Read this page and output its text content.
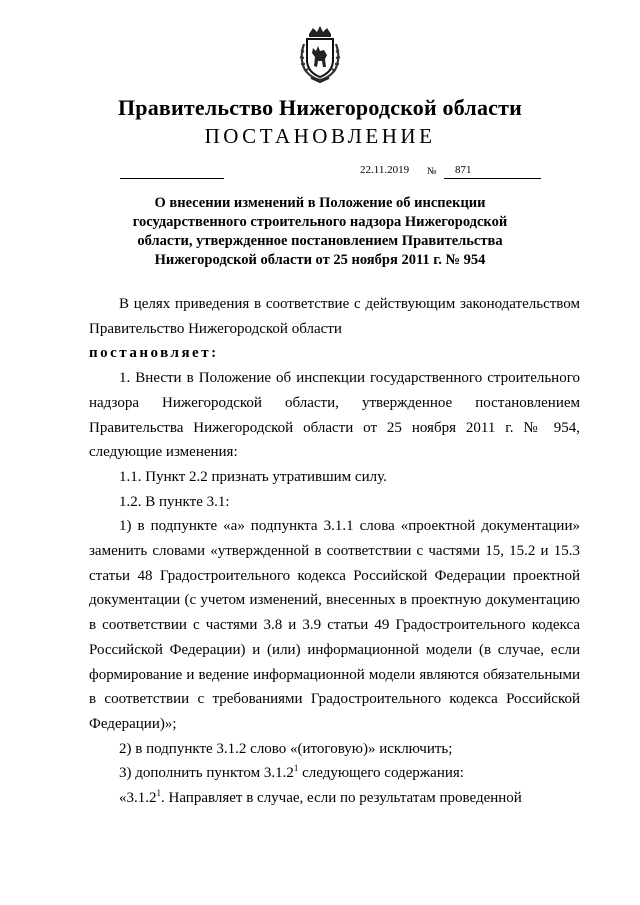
Правительство Нижегородской области
ПОСТАНОВЛЕНИЕ
22.11.2019 № 871
О внесении изменений в Положение об инспекции
государственного строительного надзора Нижегородской
области, утвержденное постановлением Правительства
Нижегородской области от 25 ноября 2011 г. № 954

В целях приведения в соответствие с действующим законодательством Правительство Нижегородской области

постановляет:

1. Внести в Положение об инспекции государственного строительного надзора Нижегородской области, утвержденное постановлением Правительства Нижегородской области от 25 ноября 2011 г. № 954, следующие изменения:

1.1. Пункт 2.2 признать утратившим силу.

1.2. В пункте 3.1:

1) в подпункте «а» подпункта 3.1.1 слова «проектной документации» заменить словами «утвержденной в соответствии с частями 15, 15.2 и 15.3 статьи 48 Градостроительного кодекса Российской Федерации проектной документации (с учетом изменений, внесенных в проектную документацию в соответствии с частями 3.8 и 3.9 статьи 49 Градостроительного кодекса Российской Федерации) и (или) информационной модели (в случае, если формирование и ведение информационной модели являются обязательными в соответствии с требованиями Градостроительного кодекса Российской Федерации)»;

2) в подпункте 3.1.2 слово «(итоговую)» исключить;

3) дополнить пунктом 3.1.2$^1$ следующего содержания:

«3.1.2$^1$. Направляет в случае, если по результатам проведенной
